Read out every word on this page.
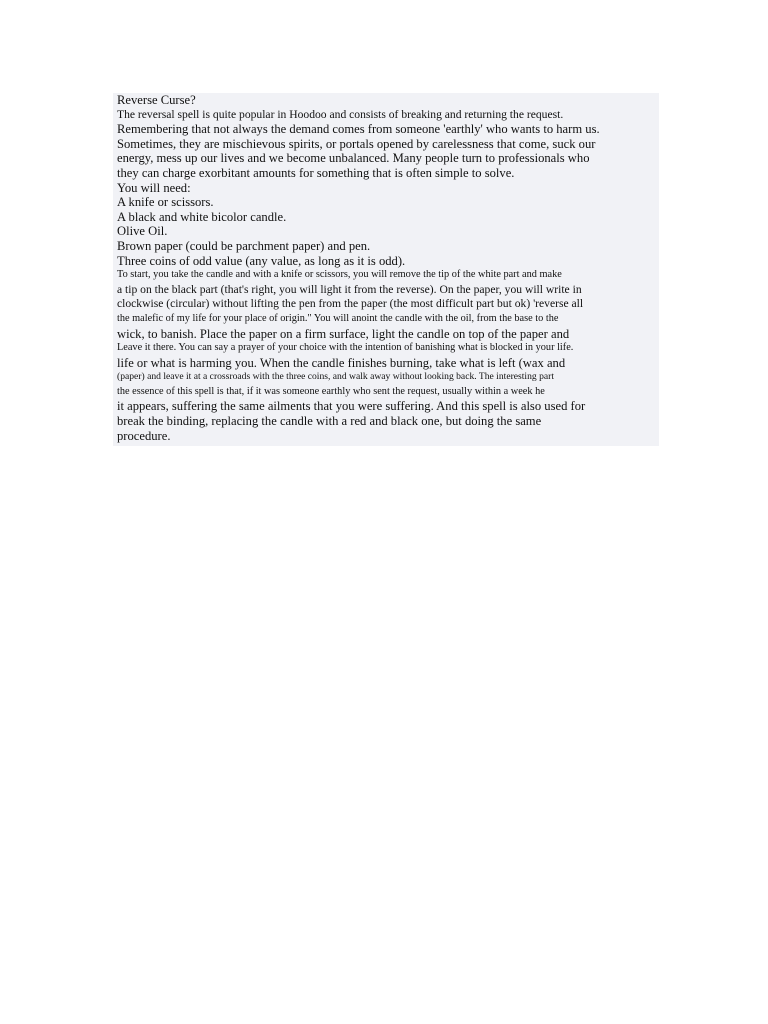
Reverse Curse?
The reversal spell is quite popular in Hoodoo and consists of breaking and returning the request.
Remembering that not always the demand comes from someone 'earthly' who wants to harm us.
Sometimes, they are mischievous spirits, or portals opened by carelessness that come, suck our
energy, mess up our lives and we become unbalanced. Many people turn to professionals who
they can charge exorbitant amounts for something that is often simple to solve.
You will need:
A knife or scissors.
A black and white bicolor candle.
Olive Oil.
Brown paper (could be parchment paper) and pen.
Three coins of odd value (any value, as long as it is odd).
To start, you take the candle and with a knife or scissors, you will remove the tip of the white part and make
a tip on the black part (that's right, you will light it from the reverse). On the paper, you will write in
clockwise (circular) without lifting the pen from the paper (the most difficult part but ok) 'reverse all
the malefic of my life for your place of origin." You will anoint the candle with the oil, from the base to the
wick, to banish. Place the paper on a firm surface, light the candle on top of the paper and
Leave it there. You can say a prayer of your choice with the intention of banishing what is blocked in your life.
life or what is harming you. When the candle finishes burning, take what is left (wax and
(paper) and leave it at a crossroads with the three coins, and walk away without looking back. The interesting part
the essence of this spell is that, if it was someone earthly who sent the request, usually within a week he
it appears, suffering the same ailments that you were suffering. And this spell is also used for
break the binding, replacing the candle with a red and black one, but doing the same
procedure.
